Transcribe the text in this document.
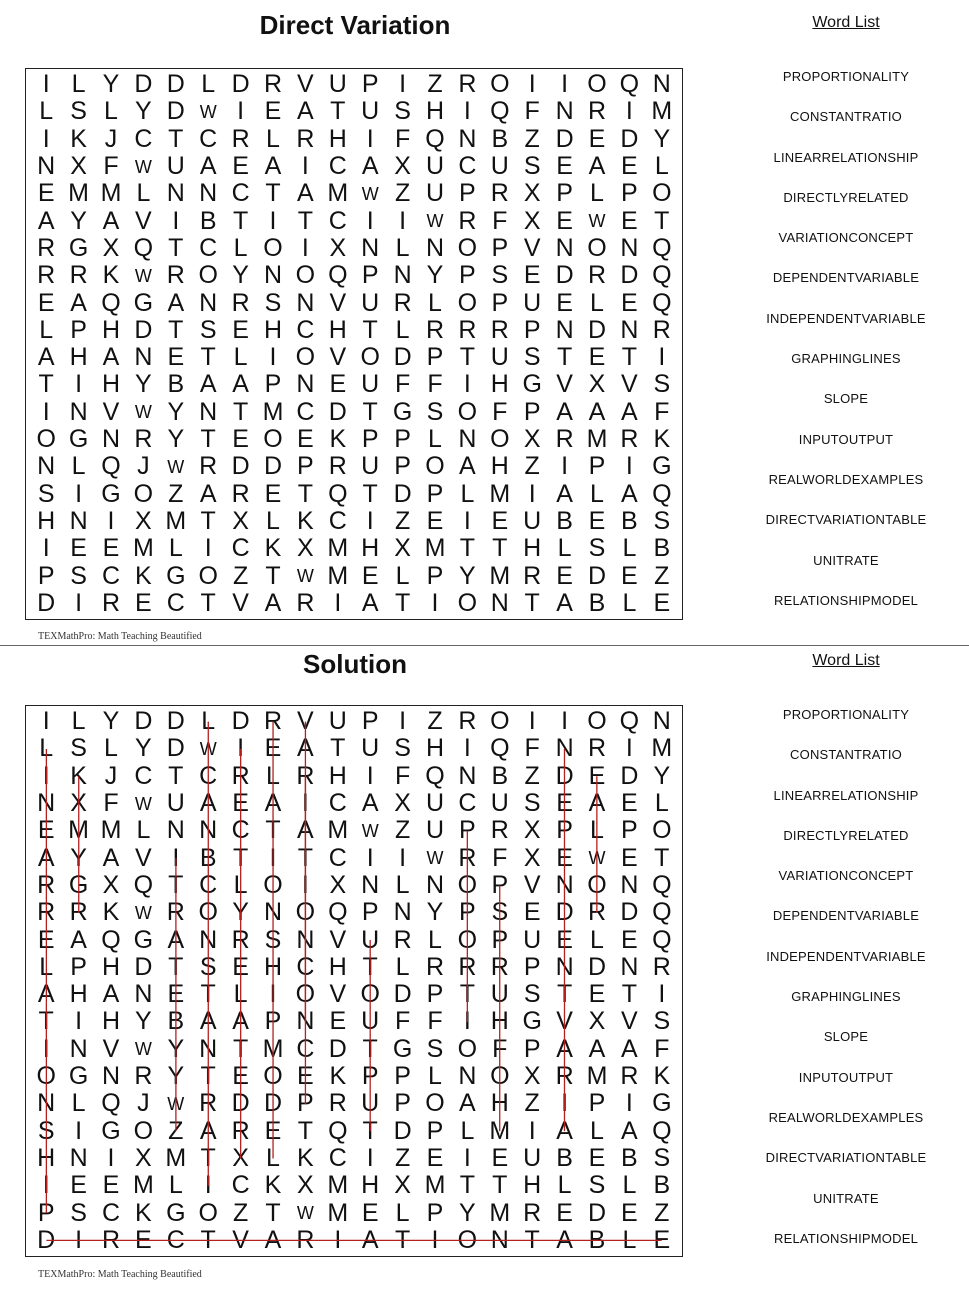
Direct Variation
I L Y D D L D R V U P I Z R O I	I O Q N
L S L Y D W I E A T U S H I Q F N R I M
I K J C T C R L R H I F Q N B Z D E D Y
N X F W U A E A I C A X U C U S E A E L
E M M L N N C T A M W Z U P R X P L P O
A Y A V I B T I T C I	I	W R F X E W E T
R G X Q T C L O I X N L N O P V N O N Q
R R K W R O Y N O Q P N Y P S E D R D Q
E A Q G A N R S N V U R L O P U E L E Q
L P H D T S E H C H T L R R R P N D N R
A H A N E T L I O V O D P T U S T E T I
T I H Y B A A P N E U F F I H G V X V S
I N V W Y N T M C D T G S O F P A A A F
O G N R Y T E O E K P P L N O X R M R K
N L Q J W R D D P R U P O A H Z I P I G
S I G O Z A R E T Q T D P L M I A L A Q
H N I X M T X L K C I Z E I E U B E B S
I E E M L I C K X M H X M T T H L S L B
P S C K G O Z T W M E L P Y M R E D E Z
D I R E C T V A R I A T I O N T A B L E
TEXMathPro: Math Teaching Beautified
Word List
PROPORTIONALITY
CONSTANTRATIO
LINEARRELATIONSHIP
DIRECTLYRELATED
VARIATIONCONCEPT
DEPENDENTVARIABLE
INDEPENDENTVARIABLE
GRAPHINGLINES
SLOPE
INPUTOUTPUT
REALWORLDEXAMPLES
DIRECTVARIATIONTABLE
UNITRATE
RELATIONSHIPMODEL
Solution
I L Y D D L D R V U P I Z R O I	I O Q N
L S L Y D W I E A T U S H I Q F N R I M
I K J C T C R L R H I F Q N B Z D E D Y
N X F W U A E A I C A X U C U S E A E L
E M M L N N C T A M W Z U P R X P L P O
A Y A V I B T I T C I	I	W R F X E W E T
R G X Q T C L O I X N L N O P V N O N Q
R R K W R O Y N O Q P N Y P S E D R D Q
E A Q G A N R S N V U R L O P U E L E Q
L P H D T S E H C H T L R R R P N D N R
A H A N E T L I O V O D P T U S T E T I
T I H Y B A A P N E U F F I H G V X V S
I N V W Y N T M C D T G S O F P A A A F
O G N R Y T E O E K P P L N O X R M R K
N L Q J W R D D P R U P O A H Z I P I G
S I G O Z A R E T Q T D P L M I A L A Q
H N I X M T X L K C I Z E I E U B E B S
I E E M L I C K X M H X M T T H L S L B
P S C K G O Z T W M E L P Y M R E D E Z
D I R E C T V A R I A T I O N T A B L E
TEXMathPro: Math Teaching Beautified
Word List
PROPORTIONALITY
CONSTANTRATIO
LINEARRELATIONSHIP
DIRECTLYRELATED
VARIATIONCONCEPT
DEPENDENTVARIABLE
INDEPENDENTVARIABLE
GRAPHINGLINES
SLOPE
INPUTOUTPUT
REALWORLDEXAMPLES
DIRECTVARIATIONTABLE
UNITRATE
RELATIONSHIPMODEL
